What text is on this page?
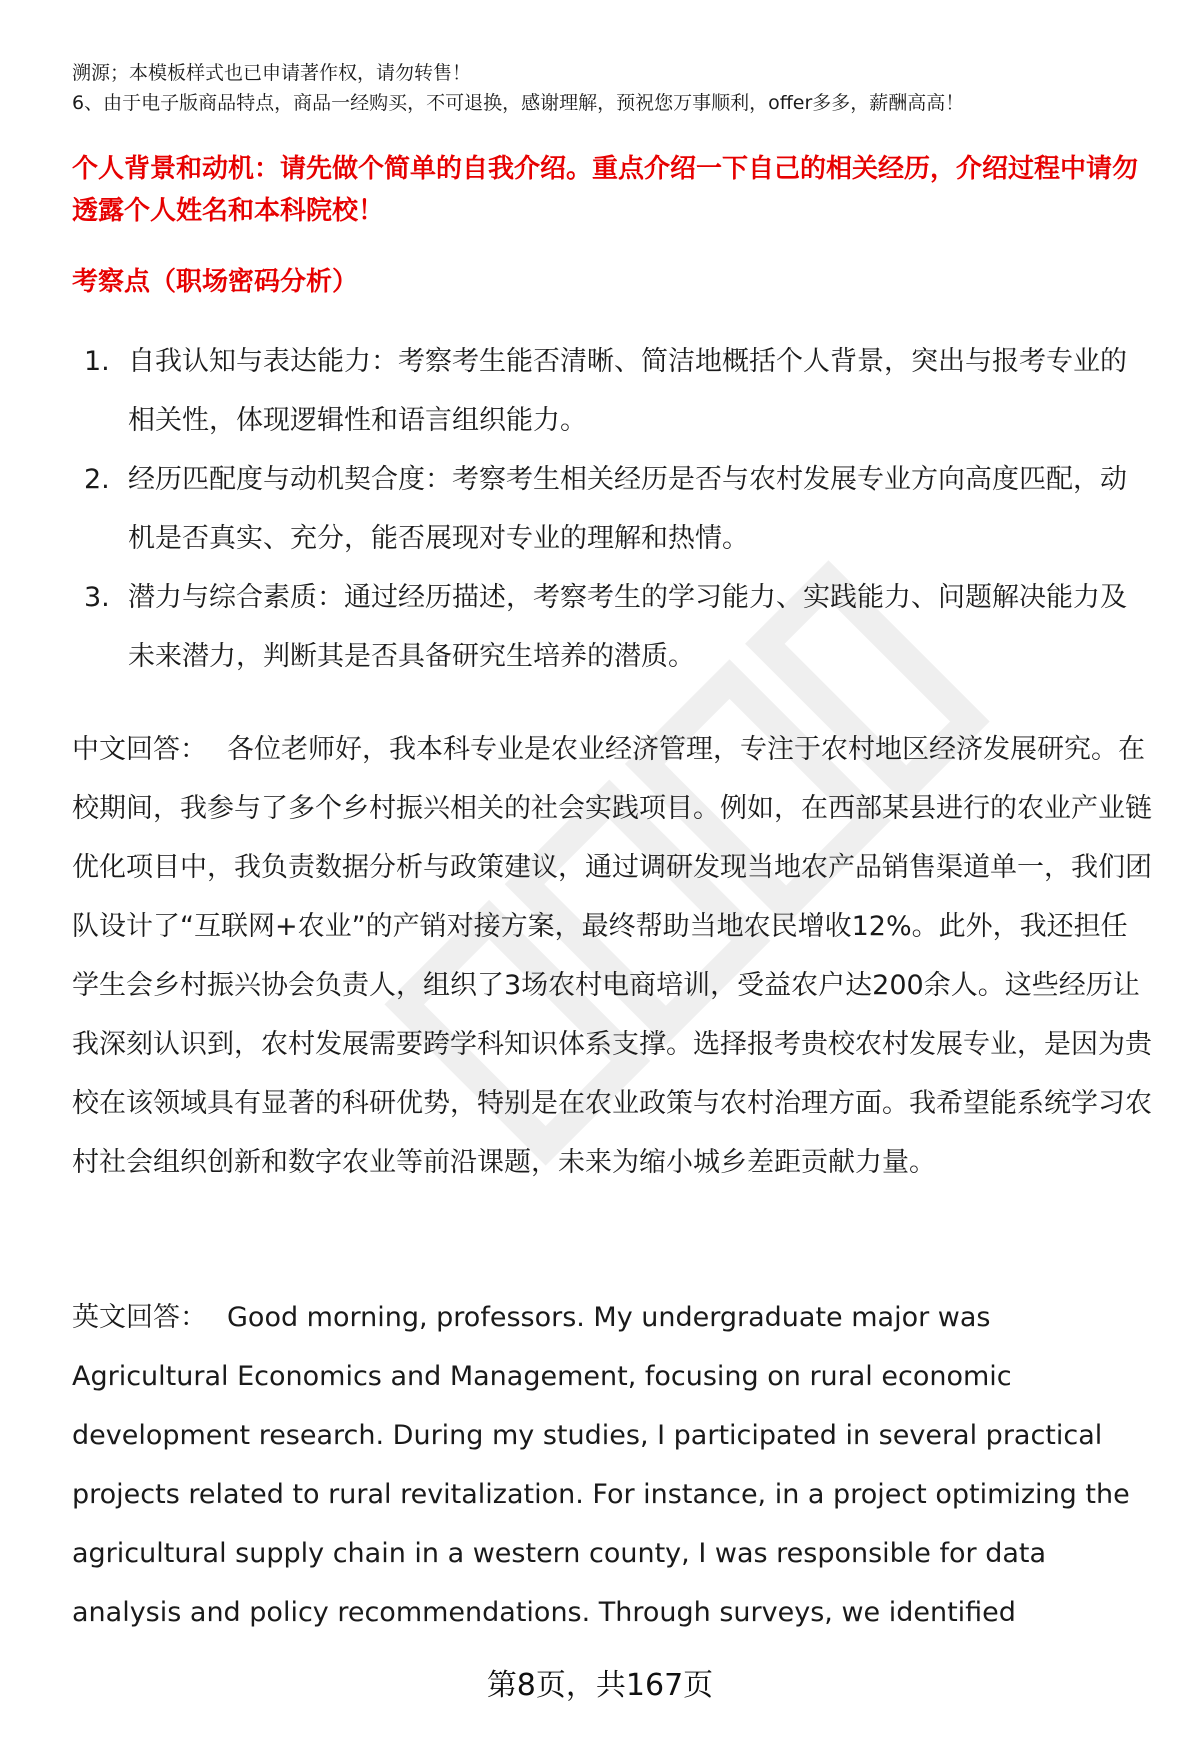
溯源；本模板样式也已申请著作权，请勿转售！

6、由于电子版商品特点，商品一经购买，不可退换，感谢理解，预祝您万事顺利，offer多多，薪酬高高！

个人背景和动机：请先做个简单的自我介绍。重点介绍一下自己的相关经历，介绍过程中请勿透露个人姓名和本科院校！
考察点（职场密码分析）
1. 自我认知与表达能力：考察考生能否清晰、简洁地概括个人背景，突出与报考专业的相关性，体现逻辑性和语言组织能力。
2. 经历匹配度与动机契合度：考察考生相关经历是否与农村发展专业方向高度匹配，动机是否真实、充分，能否展现对专业的理解和热情。
3. 潜力与综合素质：通过经历描述，考察考生的学习能力、实践能力、问题解决能力及未来潜力，判断其是否具备研究生培养的潜质。
中文回答： 各位老师好，我本科专业是农业经济管理，专注于农村地区经济发展研究。在校期间，我参与了多个乡村振兴相关的社会实践项目。例如，在西部某县进行的农业产业链优化项目中，我负责数据分析与政策建议，通过调研发现当地农产品销售渠道单一，我们团队设计了“互联网+农业”的产销对接方案，最终帮助当地农民增收12%。此外，我还担任学生会乡村振兴协会负责人，组织了3场农村电商培训，受益农户达200余人。这些经历让我深刻认识到，农村发展需要跨学科知识体系支撑。选择报考贵校农村发展专业，是因为贵校在该领域具有显著的科研优势，特别是在农业政策与农村治理方面。我希望能系统学习农村社会组织创新和数字农业等前沿课题，未来为缩小城乡差距贡献力量。
英文回答： Good morning, professors. My undergraduate major was Agricultural Economics and Management, focusing on rural economic development research. During my studies, I participated in several practical projects related to rural revitalization. For instance, in a project optimizing the agricultural supply chain in a western county, I was responsible for data analysis and policy recommendations. Through surveys, we identified
第8页，共167页
